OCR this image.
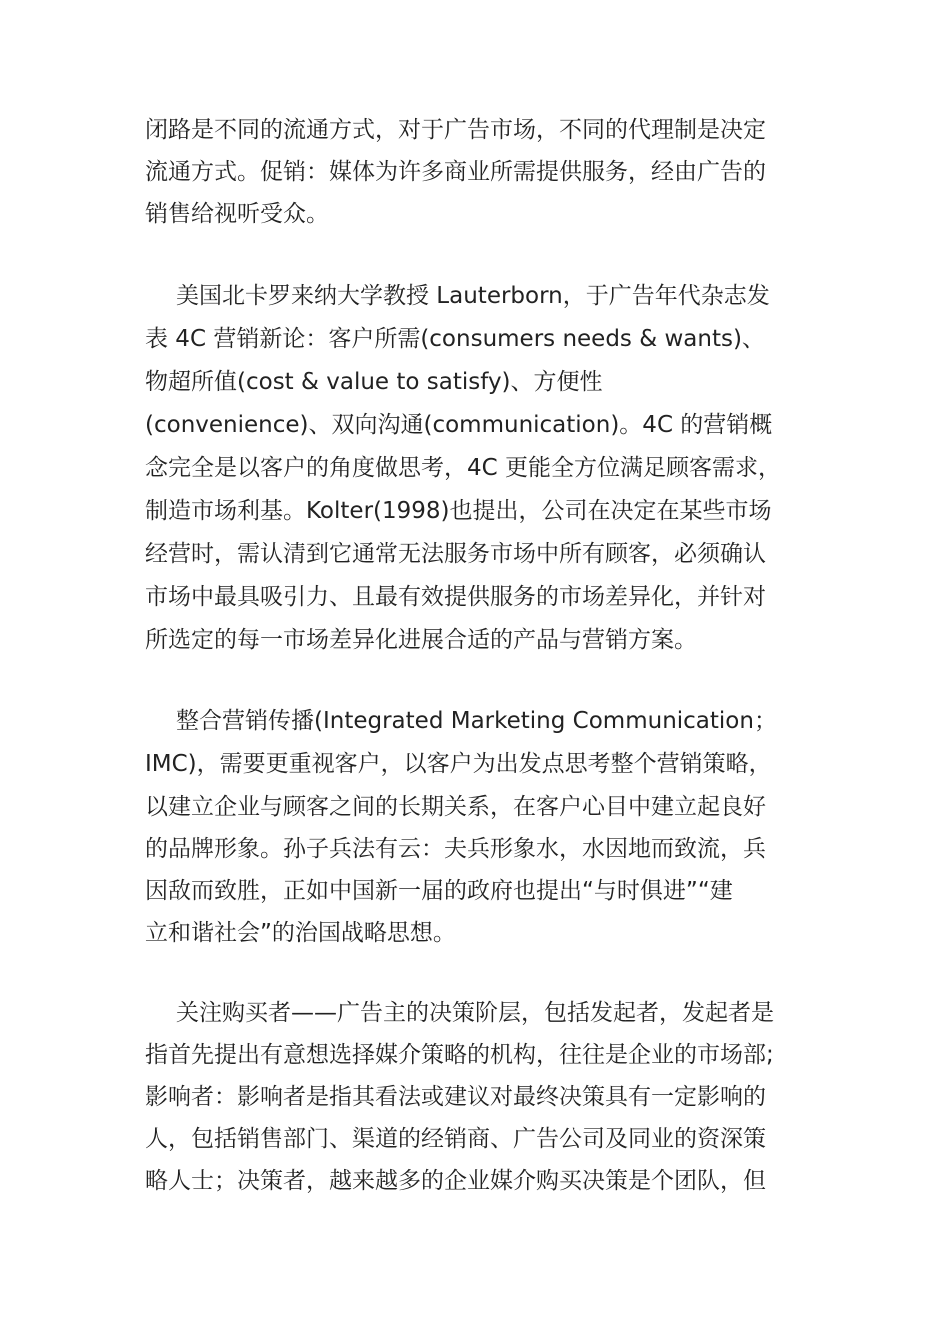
闭路是不同的流通方式，对于广告市场，不同的代理制是决定
流通方式。促销：媒体为许多商业所需提供服务，经由广告的
销售给视听受众。
美国北卡罗来纳大学教授 Lauterborn，于广告年代杂志发
表 4C 营销新论：客户所需(consumers needs & wants)、
物超所值(cost & value to satisfy)、方便性
(convenience)、双向沟通(communication)。4C 的营销概
念完全是以客户的角度做思考，4C 更能全方位满足顾客需求，
制造市场利基。Kolter(1998)也提出，公司在决定在某些市场
经营时，需认清到它通常无法服务市场中所有顾客，必须确认
市场中最具吸引力、且最有效提供服务的市场差异化，并针对
所选定的每一市场差异化进展合适的产品与营销方案。
整合营销传播(Integrated Marketing Communication；
IMC)，需要更重视客户，以客户为出发点思考整个营销策略，
以建立企业与顾客之间的长期关系，在客户心目中建立起良好
的品牌形象。孙子兵法有云：夫兵形象水，水因地而致流，兵
因敌而致胜，正如中国新一届的政府也提出“与时俱进”“建
立和谐社会”的治国战略思想。
关注购买者——广告主的决策阶层，包括发起者，发起者是
指首先提出有意想选择媒介策略的机构，往往是企业的市场部;
影响者：影响者是指其看法或建议对最终决策具有一定影响的
人，包括销售部门、渠道的经销商、广告公司及同业的资深策
略人士；决策者，越来越多的企业媒介购买决策是个团队，但
